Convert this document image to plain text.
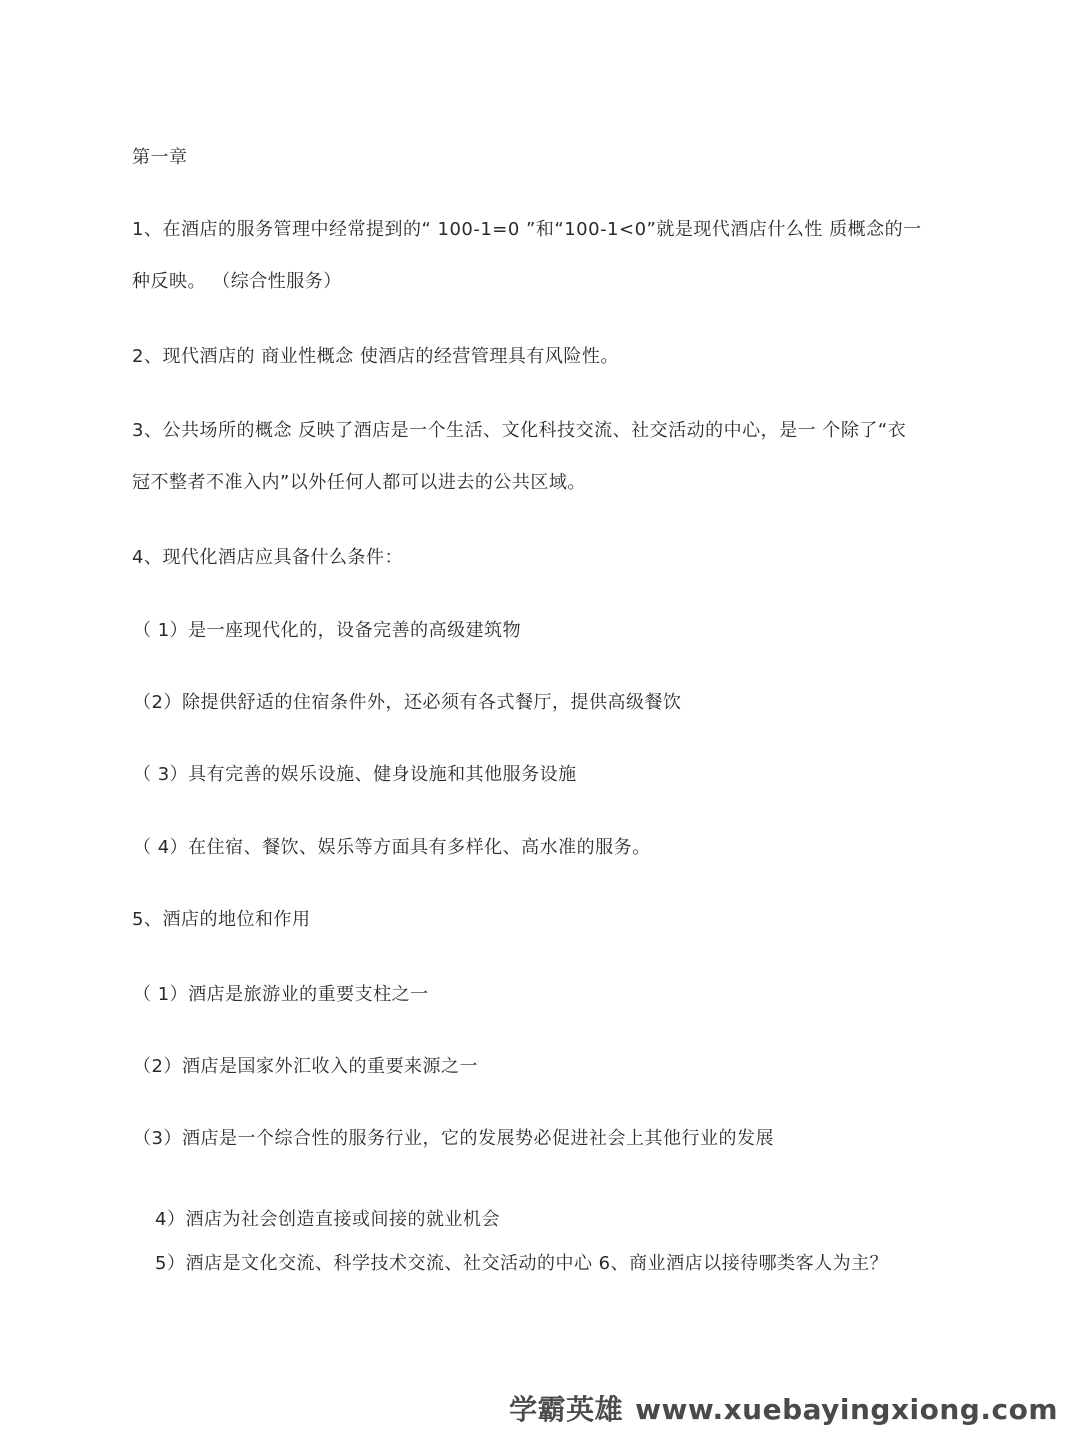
第一章
1、在酒店的服务管理中经常提到的“ 100-1=0 ”和“100-1<0”就是现代酒店什么性 质概念的一
种反映。 （综合性服务）
2、现代酒店的 商业性概念 使酒店的经营管理具有风险性。
3、公共场所的概念 反映了酒店是一个生活、文化科技交流、社交活动的中心，是一 个除了“衣
冠不整者不准入内”以外任何人都可以进去的公共区域。
4、现代化酒店应具备什么条件：
（ 1）是一座现代化的，设备完善的高级建筑物
（2）除提供舒适的住宿条件外，还必须有各式餐厅，提供高级餐饮
（ 3）具有完善的娱乐设施、健身设施和其他服务设施
（ 4）在住宿、餐饮、娱乐等方面具有多样化、高水准的服务。
5、酒店的地位和作用
（ 1）酒店是旅游业的重要支柱之一
（2）酒店是国家外汇收入的重要来源之一
（3）酒店是一个综合性的服务行业，它的发展势必促进社会上其他行业的发展
4）酒店为社会创造直接或间接的就业机会
5）酒店是文化交流、科学技术交流、社交活动的中心 6、商业酒店以接待哪类客人为主？
学霸英雄 www.xuebayingxiong.com
